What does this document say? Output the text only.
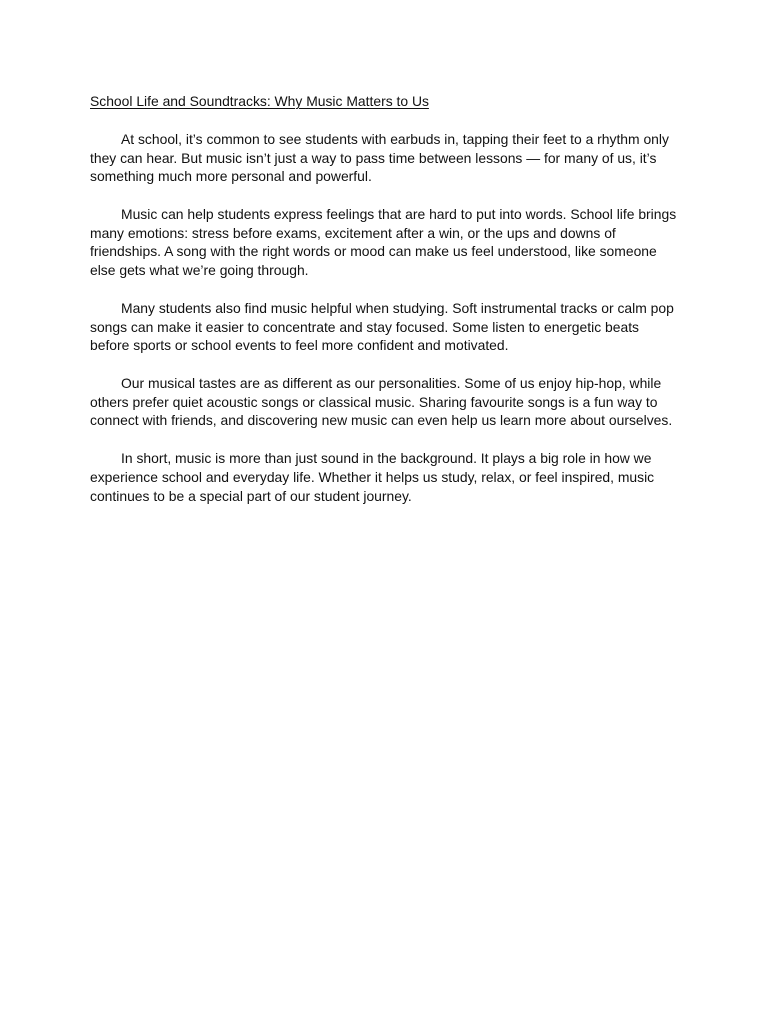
School Life and Soundtracks: Why Music Matters to Us

At school, it’s common to see students with earbuds in, tapping their feet to a rhythm only they can hear. But music isn’t just a way to pass time between lessons — for many of us, it’s something much more personal and powerful.

Music can help students express feelings that are hard to put into words. School life brings many emotions: stress before exams, excitement after a win, or the ups and downs of friendships. A song with the right words or mood can make us feel understood, like someone else gets what we’re going through.

Many students also find music helpful when studying. Soft instrumental tracks or calm pop songs can make it easier to concentrate and stay focused. Some listen to energetic beats before sports or school events to feel more confident and motivated.

Our musical tastes are as different as our personalities. Some of us enjoy hip-hop, while others prefer quiet acoustic songs or classical music. Sharing favourite songs is a fun way to connect with friends, and discovering new music can even help us learn more about ourselves.

In short, music is more than just sound in the background. It plays a big role in how we experience school and everyday life. Whether it helps us study, relax, or feel inspired, music continues to be a special part of our student journey.
